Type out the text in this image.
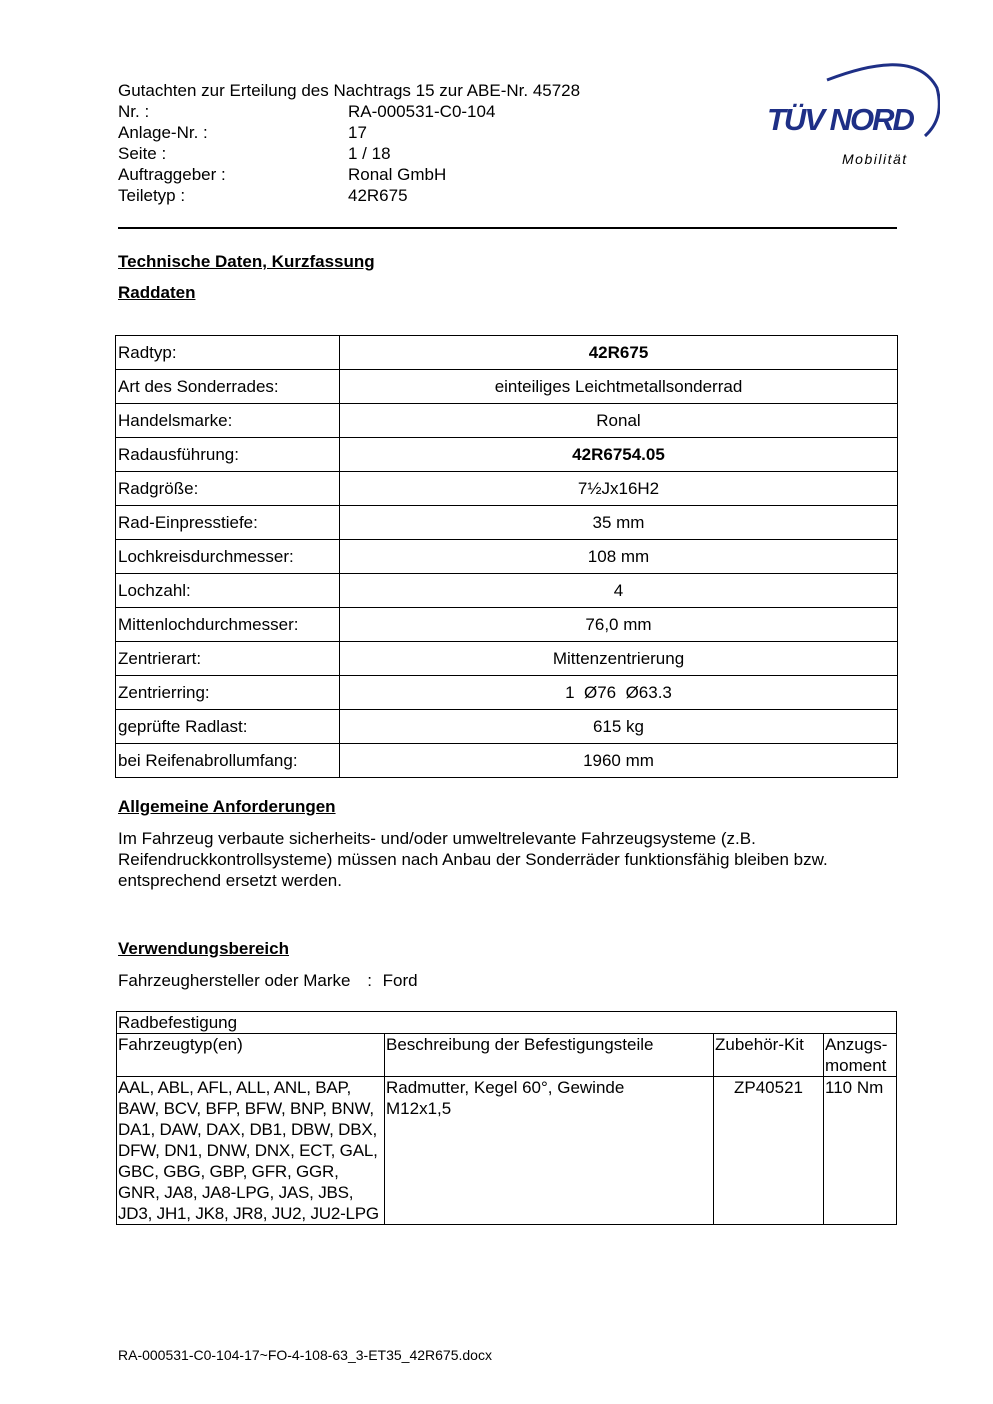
Gutachten zur Erteilung des Nachtrags 15 zur ABE-Nr. 45728
Nr. :	RA-000531-C0-104
Anlage-Nr. :	17
Seite :	1 / 18
Auftraggeber :	Ronal GmbH
Teiletyp :	42R675
TÜV NORD
Mobilität
Technische Daten, Kurzfassung
Raddaten
Radtyp:	42R675
Art des Sonderrades:	einteiliges Leichtmetallsonderrad
Handelsmarke:	Ronal
Radausführung:	42R6754.05
Radgröße:	7½Jx16H2
Rad-Einpresstiefe:	35 mm
Lochkreisdurchmesser:	108 mm
Lochzahl:	4
Mittenlochdurchmesser:	76,0 mm
Zentrierart:	Mittenzentrierung
Zentrierring:	1  Ø76  Ø63.3
geprüfte Radlast:	615 kg
bei Reifenabrollumfang:	1960 mm
Allgemeine Anforderungen
Im Fahrzeug verbaute sicherheits- und/oder umweltrelevante Fahrzeugsysteme (z.B. Reifendruckkontrollsysteme) müssen nach Anbau der Sonderräder funktionsfähig bleiben bzw. entsprechend ersetzt werden.
Verwendungsbereich
Fahrzeughersteller oder Marke : Ford
Radbefestigung			
Fahrzeugtyp(en)	Beschreibung der Befestigungsteile	Zubehör-Kit	Anzugs-
moment

AAL, ABL, AFL, ALL, ANL, BAP, BAW, BCV, BFP, BFW, BNP, BNW, DA1, DAW, DAX, DB1, DBW, DBX, DFW, DN1, DNW, DNX, ECT, GAL, GBC, GBG, GBP, GFR, GGR, GNR, JA8, JA8-LPG, JAS, JBS, JD3, JH1, JK8, JR8, JU2, JU2-LPG	Radmutter, Kegel 60°, Gewinde M12x1,5	ZP40521	110 Nm
RA-000531-C0-104-17~FO-4-108-63_3-ET35_42R675.docx
